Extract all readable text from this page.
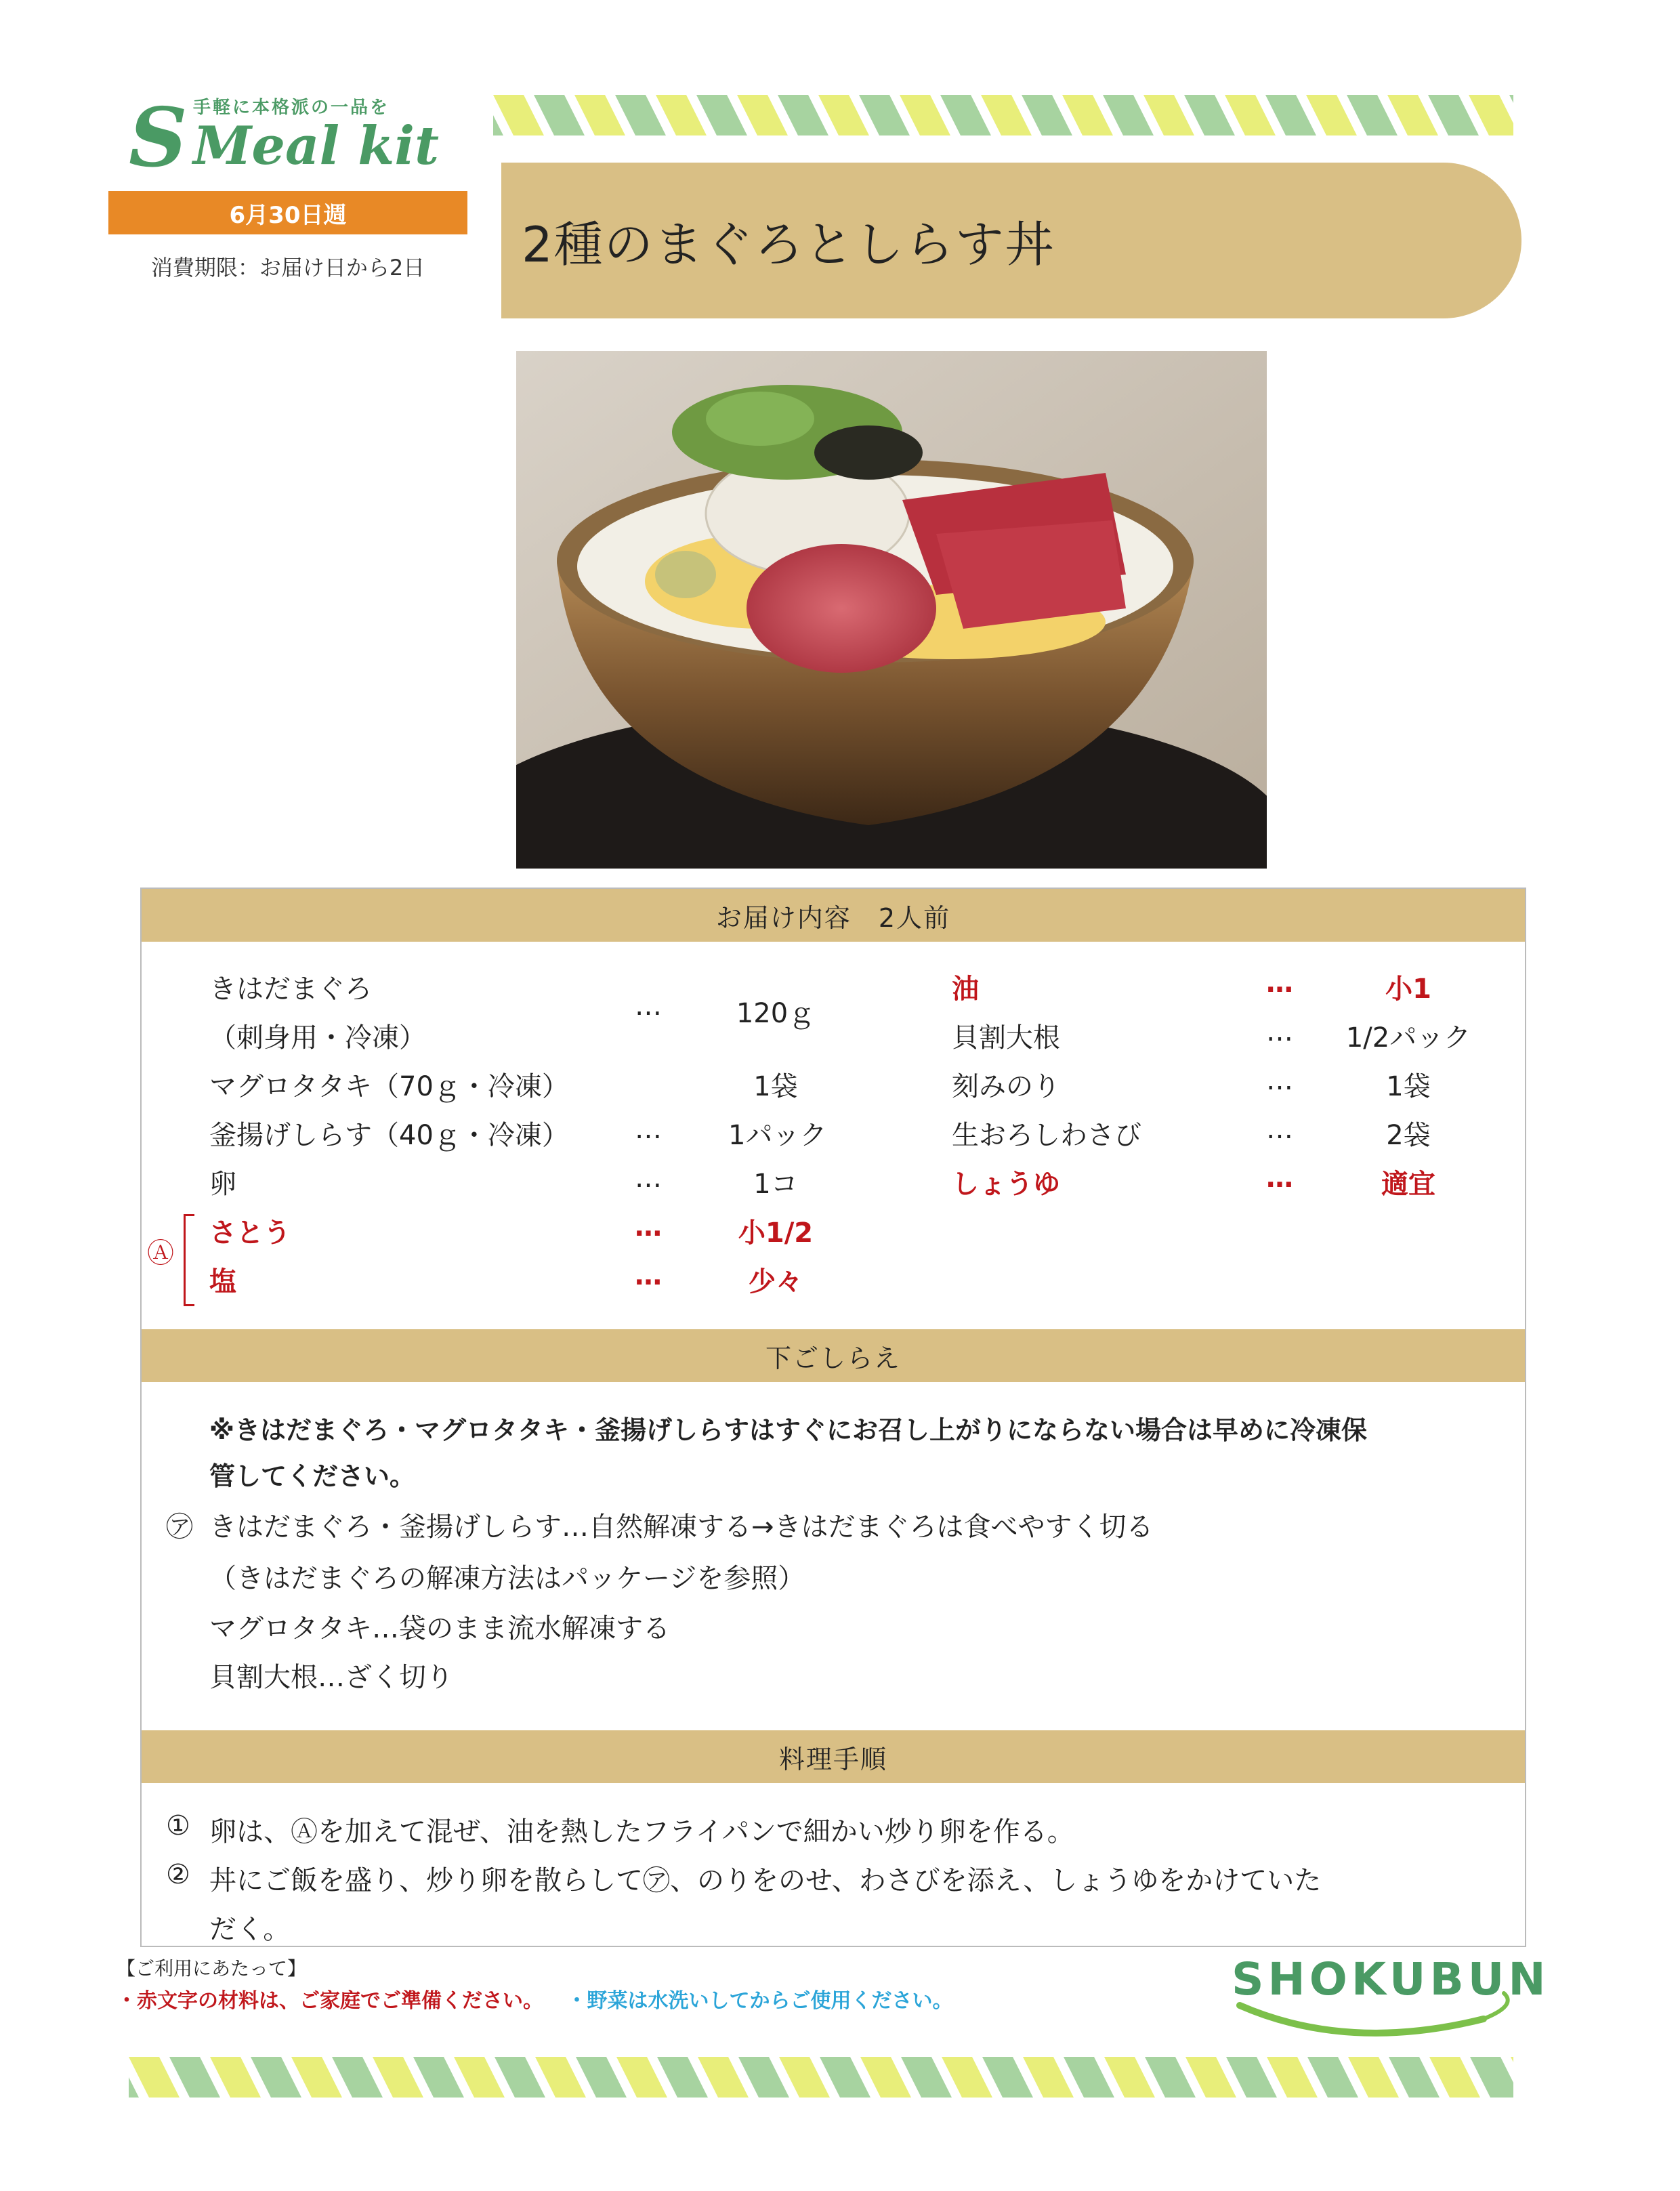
S Meal kit
手軽に本格派の一品を
6月30日週
消費期限：お届け日から2日	2種のまぐろとしらす丼
お届け内容　2人前
きはだまぐろ
（刺身用・冷凍）
…	120ｇ
マグロタタキ（70ｇ・冷凍）	1袋
釜揚げしらす（40ｇ・冷凍） … 1パック
卵	…	1コ
Ⓐ
さとう	…	小1/2
塩	…	少々
油	…	小1
貝割大根	… 1/2パック
刻みのり	…	1袋
生おろしわさび	…	2袋
しょうゆ	…	適宜
下ごしらえ
※きはだまぐろ・マグロタタキ・釜揚げしらすはすぐにお召し上がりにならない場合は早めに冷凍保
管してください。
㋐ きはだまぐろ・釜揚げしらす…自然解凍する→きはだまぐろは食べやすく切る
（きはだまぐろの解凍方法はパッケージを参照）
マグロタタキ…袋のまま流水解凍する
貝割大根…ざく切り
料理手順
① 卵は、Ⓐを加えて混ぜ、油を熱したフライパンで細かい炒り卵を作る。
② 丼にご飯を盛り、炒り卵を散らして㋐、のりをのせ、わさびを添え、しょうゆをかけていた
だく。
【ご利用にあたって】
・赤文字の材料は、ご家庭でご準備ください。 ・野菜は水洗いしてからご使用ください。	SHOKUBUN
